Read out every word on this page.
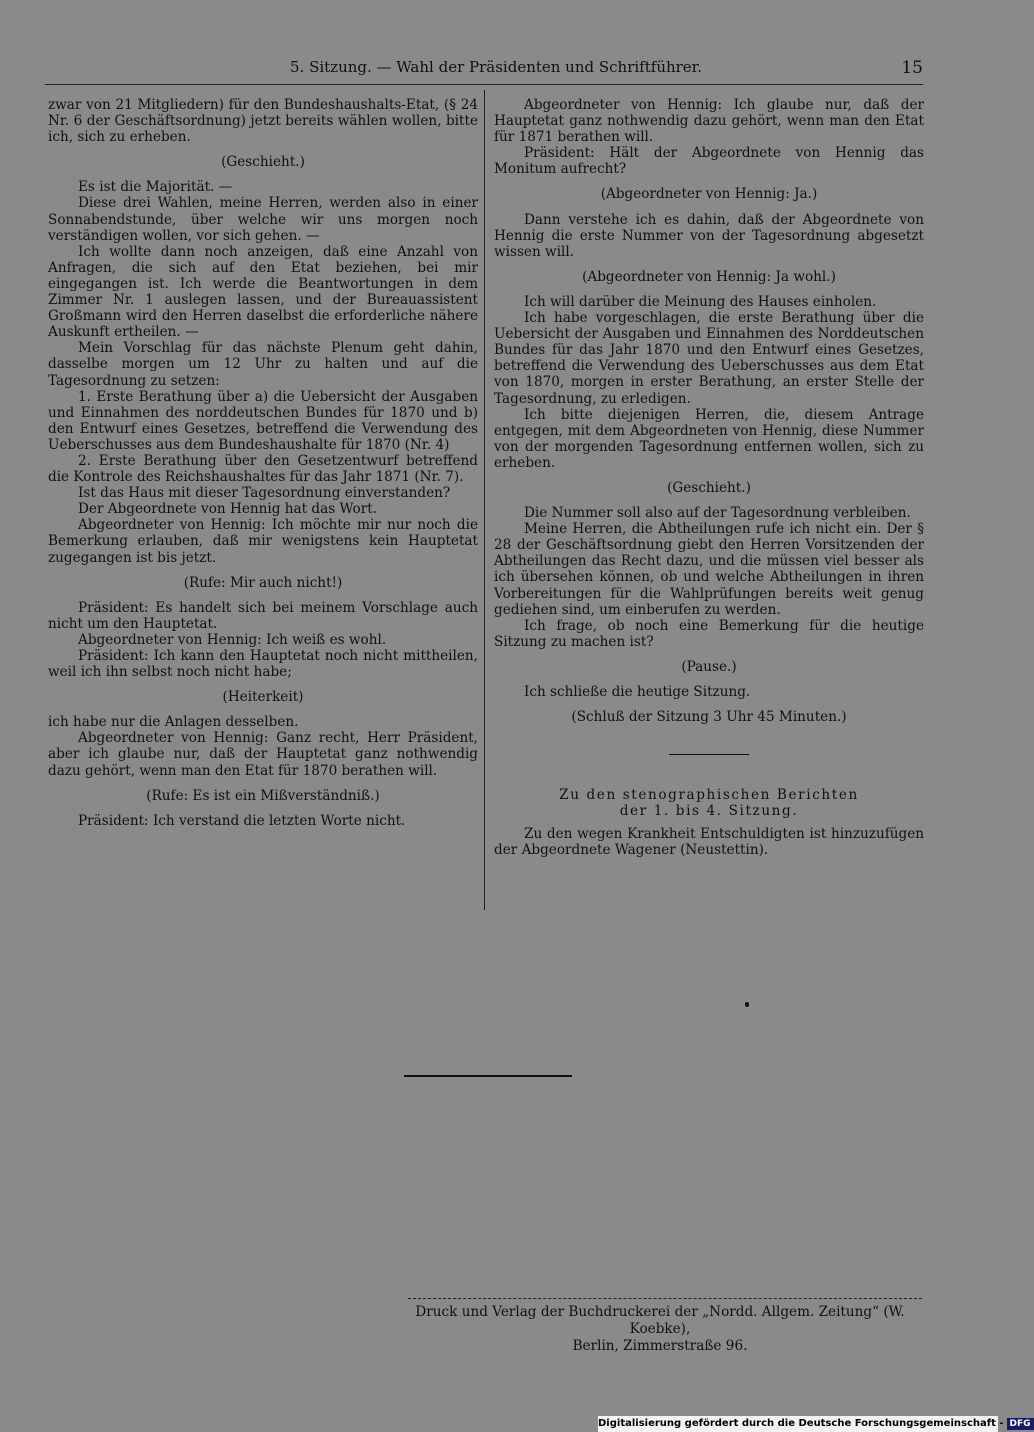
5. Sitzung. — Wahl der Präsidenten und Schriftführer.	15

zwar von 21 Mitgliedern) für den Bundeshaushalts-Etat, (§ 24 Nr. 6 der Geschäftsordnung) jetzt bereits wählen wollen, bitte ich, sich zu erheben.

(Geschieht.)

Es ist die Majorität. —

Diese drei Wahlen, meine Herren, werden also in einer Sonnabendstunde, über welche wir uns morgen noch verständigen wollen, vor sich gehen. —

Ich wollte dann noch anzeigen, daß eine Anzahl von Anfragen, die sich auf den Etat beziehen, bei mir eingegangen ist. Ich werde die Beantwortungen in dem Zimmer Nr. 1 auslegen lassen, und der Bureauassistent Großmann wird den Herren daselbst die erforderliche nähere Auskunft ertheilen. —

Mein Vorschlag für das nächste Plenum geht dahin, dasselbe morgen um 12 Uhr zu halten und auf die Tagesordnung zu setzen:

1. Erste Berathung über a) die Uebersicht der Ausgaben und Einnahmen des norddeutschen Bundes für 1870 und b) den Entwurf eines Gesetzes, betreffend die Verwendung des Ueberschusses aus dem Bundeshaushalte für 1870 (Nr. 4)

2. Erste Berathung über den Gesetzentwurf betreffend die Kontrole des Reichshaushaltes für das Jahr 1871 (Nr. 7).

Ist das Haus mit dieser Tagesordnung einverstanden?

Der Abgeordnete von Hennig hat das Wort.

Abgeordneter von Hennig: Ich möchte mir nur noch die Bemerkung erlauben, daß mir wenigstens kein Hauptetat zugegangen ist bis jetzt.

(Rufe: Mir auch nicht!)

Präsident: Es handelt sich bei meinem Vorschlage auch nicht um den Hauptetat.

Abgeordneter von Hennig: Ich weiß es wohl.

Präsident: Ich kann den Hauptetat noch nicht mittheilen, weil ich ihn selbst noch nicht habe;

(Heiterkeit)

ich habe nur die Anlagen desselben.

Abgeordneter von Hennig: Ganz recht, Herr Präsident, aber ich glaube nur, daß der Hauptetat ganz nothwendig dazu gehört, wenn man den Etat für 1870 berathen will.

(Rufe: Es ist ein Mißverständniß.)

Präsident: Ich verstand die letzten Worte nicht.

Abgeordneter von Hennig: Ich glaube nur, daß der Hauptetat ganz nothwendig dazu gehört, wenn man den Etat für 1871 berathen will.

Präsident: Hält der Abgeordnete von Hennig das Monitum aufrecht?

(Abgeordneter von Hennig: Ja.)

Dann verstehe ich es dahin, daß der Abgeordnete von Hennig die erste Nummer von der Tagesordnung abgesetzt wissen will.

(Abgeordneter von Hennig: Ja wohl.)

Ich will darüber die Meinung des Hauses einholen.

Ich habe vorgeschlagen, die erste Berathung über die Uebersicht der Ausgaben und Einnahmen des Norddeutschen Bundes für das Jahr 1870 und den Entwurf eines Gesetzes, betreffend die Verwendung des Ueberschusses aus dem Etat von 1870, morgen in erster Berathung, an erster Stelle der Tagesordnung, zu erledigen.

Ich bitte diejenigen Herren, die, diesem Antrage entgegen, mit dem Abgeordneten von Hennig, diese Nummer von der morgenden Tagesordnung entfernen wollen, sich zu erheben.

(Geschieht.)

Die Nummer soll also auf der Tagesordnung verbleiben.

Meine Herren, die Abtheilungen rufe ich nicht ein. Der § 28 der Geschäftsordnung giebt den Herren Vorsitzenden der Abtheilungen das Recht dazu, und die müssen viel besser als ich übersehen können, ob und welche Abtheilungen in ihren Vorbereitungen für die Wahlprüfungen bereits weit genug gediehen sind, um einberufen zu werden.

Ich frage, ob noch eine Bemerkung für die heutige Sitzung zu machen ist?

(Pause.)

Ich schließe die heutige Sitzung.

(Schluß der Sitzung 3 Uhr 45 Minuten.)

Zu den stenographischen Berichten

der 1. bis 4. Sitzung.

Zu den wegen Krankheit Entschuldigten ist hinzuzufügen der Abgeordnete Wagener (Neustettin).

Druck und Verlag der Buchdruckerei der „Nordd. Allgem. Zeitung“ (W. Koebke),
Berlin, Zimmerstraße 96.
Digitalisierung gefördert durch die Deutsche Forschungsgemeinschaft - DFG
